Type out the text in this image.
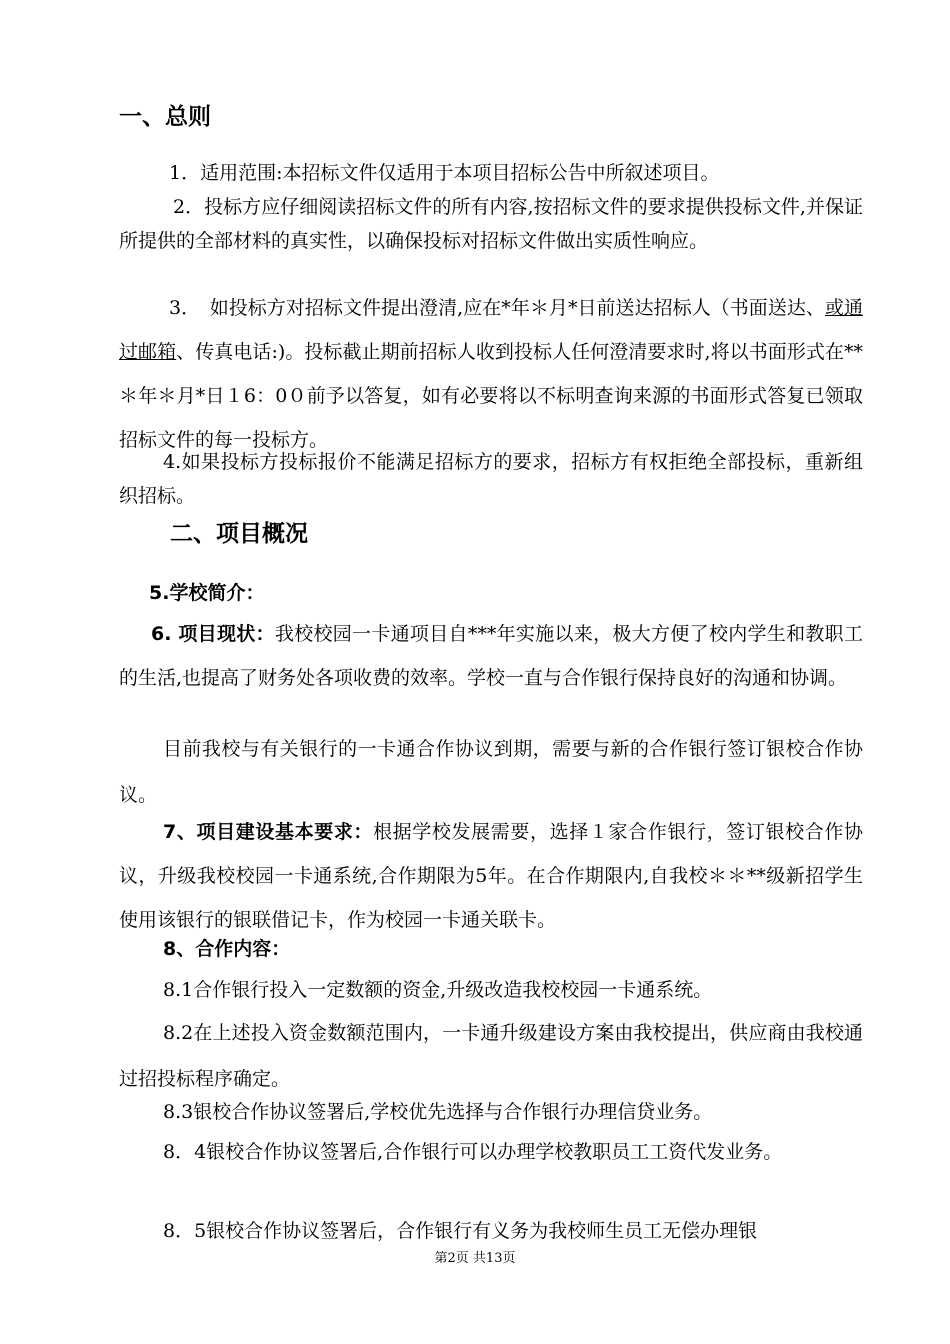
一、总则
1．适用范围:本招标文件仅适用于本项目招标公告中所叙述项目。
2．投标方应仔细阅读招标文件的所有内容,按招标文件的要求提供投标文件,并保证所提供的全部材料的真实性，以确保投标对招标文件做出实质性响应。
3．　如投标方对招标文件提出澄清,应在*年＊月*日前送达招标人（书面送达、或通过邮箱、传真电话:)。投标截止期前招标人收到投标人任何澄清要求时,将以书面形式在**＊年＊月*日１6：0０前予以答复，如有必要将以不标明查询来源的书面形式答复已领取招标文件的每一投标方。
4.如果投标方投标报价不能满足招标方的要求，招标方有权拒绝全部投标，重新组织招标。
二、项目概况
5.学校简介：
6. 项目现状：我校校园一卡通项目自***年实施以来，极大方便了校内学生和教职工的生活,也提高了财务处各项收费的效率。学校一直与合作银行保持良好的沟通和协调。
目前我校与有关银行的一卡通合作协议到期，需要与新的合作银行签订银校合作协议。
7、项目建设基本要求：根据学校发展需要，选择１家合作银行，签订银校合作协议，升级我校校园一卡通系统,合作期限为5年。在合作期限内,自我校＊＊**级新招学生使用该银行的银联借记卡，作为校园一卡通关联卡。
8、合作内容：
8.1合作银行投入一定数额的资金,升级改造我校校园一卡通系统。
8.2在上述投入资金数额范围内，一卡通升级建设方案由我校提出，供应商由我校通过招投标程序确定。
8.3银校合作协议签署后,学校优先选择与合作银行办理信贷业务。
8．4银校合作协议签署后,合作银行可以办理学校教职员工工资代发业务。
8．5银校合作协议签署后，合作银行有义务为我校师生员工无偿办理银
第2页 共13页
